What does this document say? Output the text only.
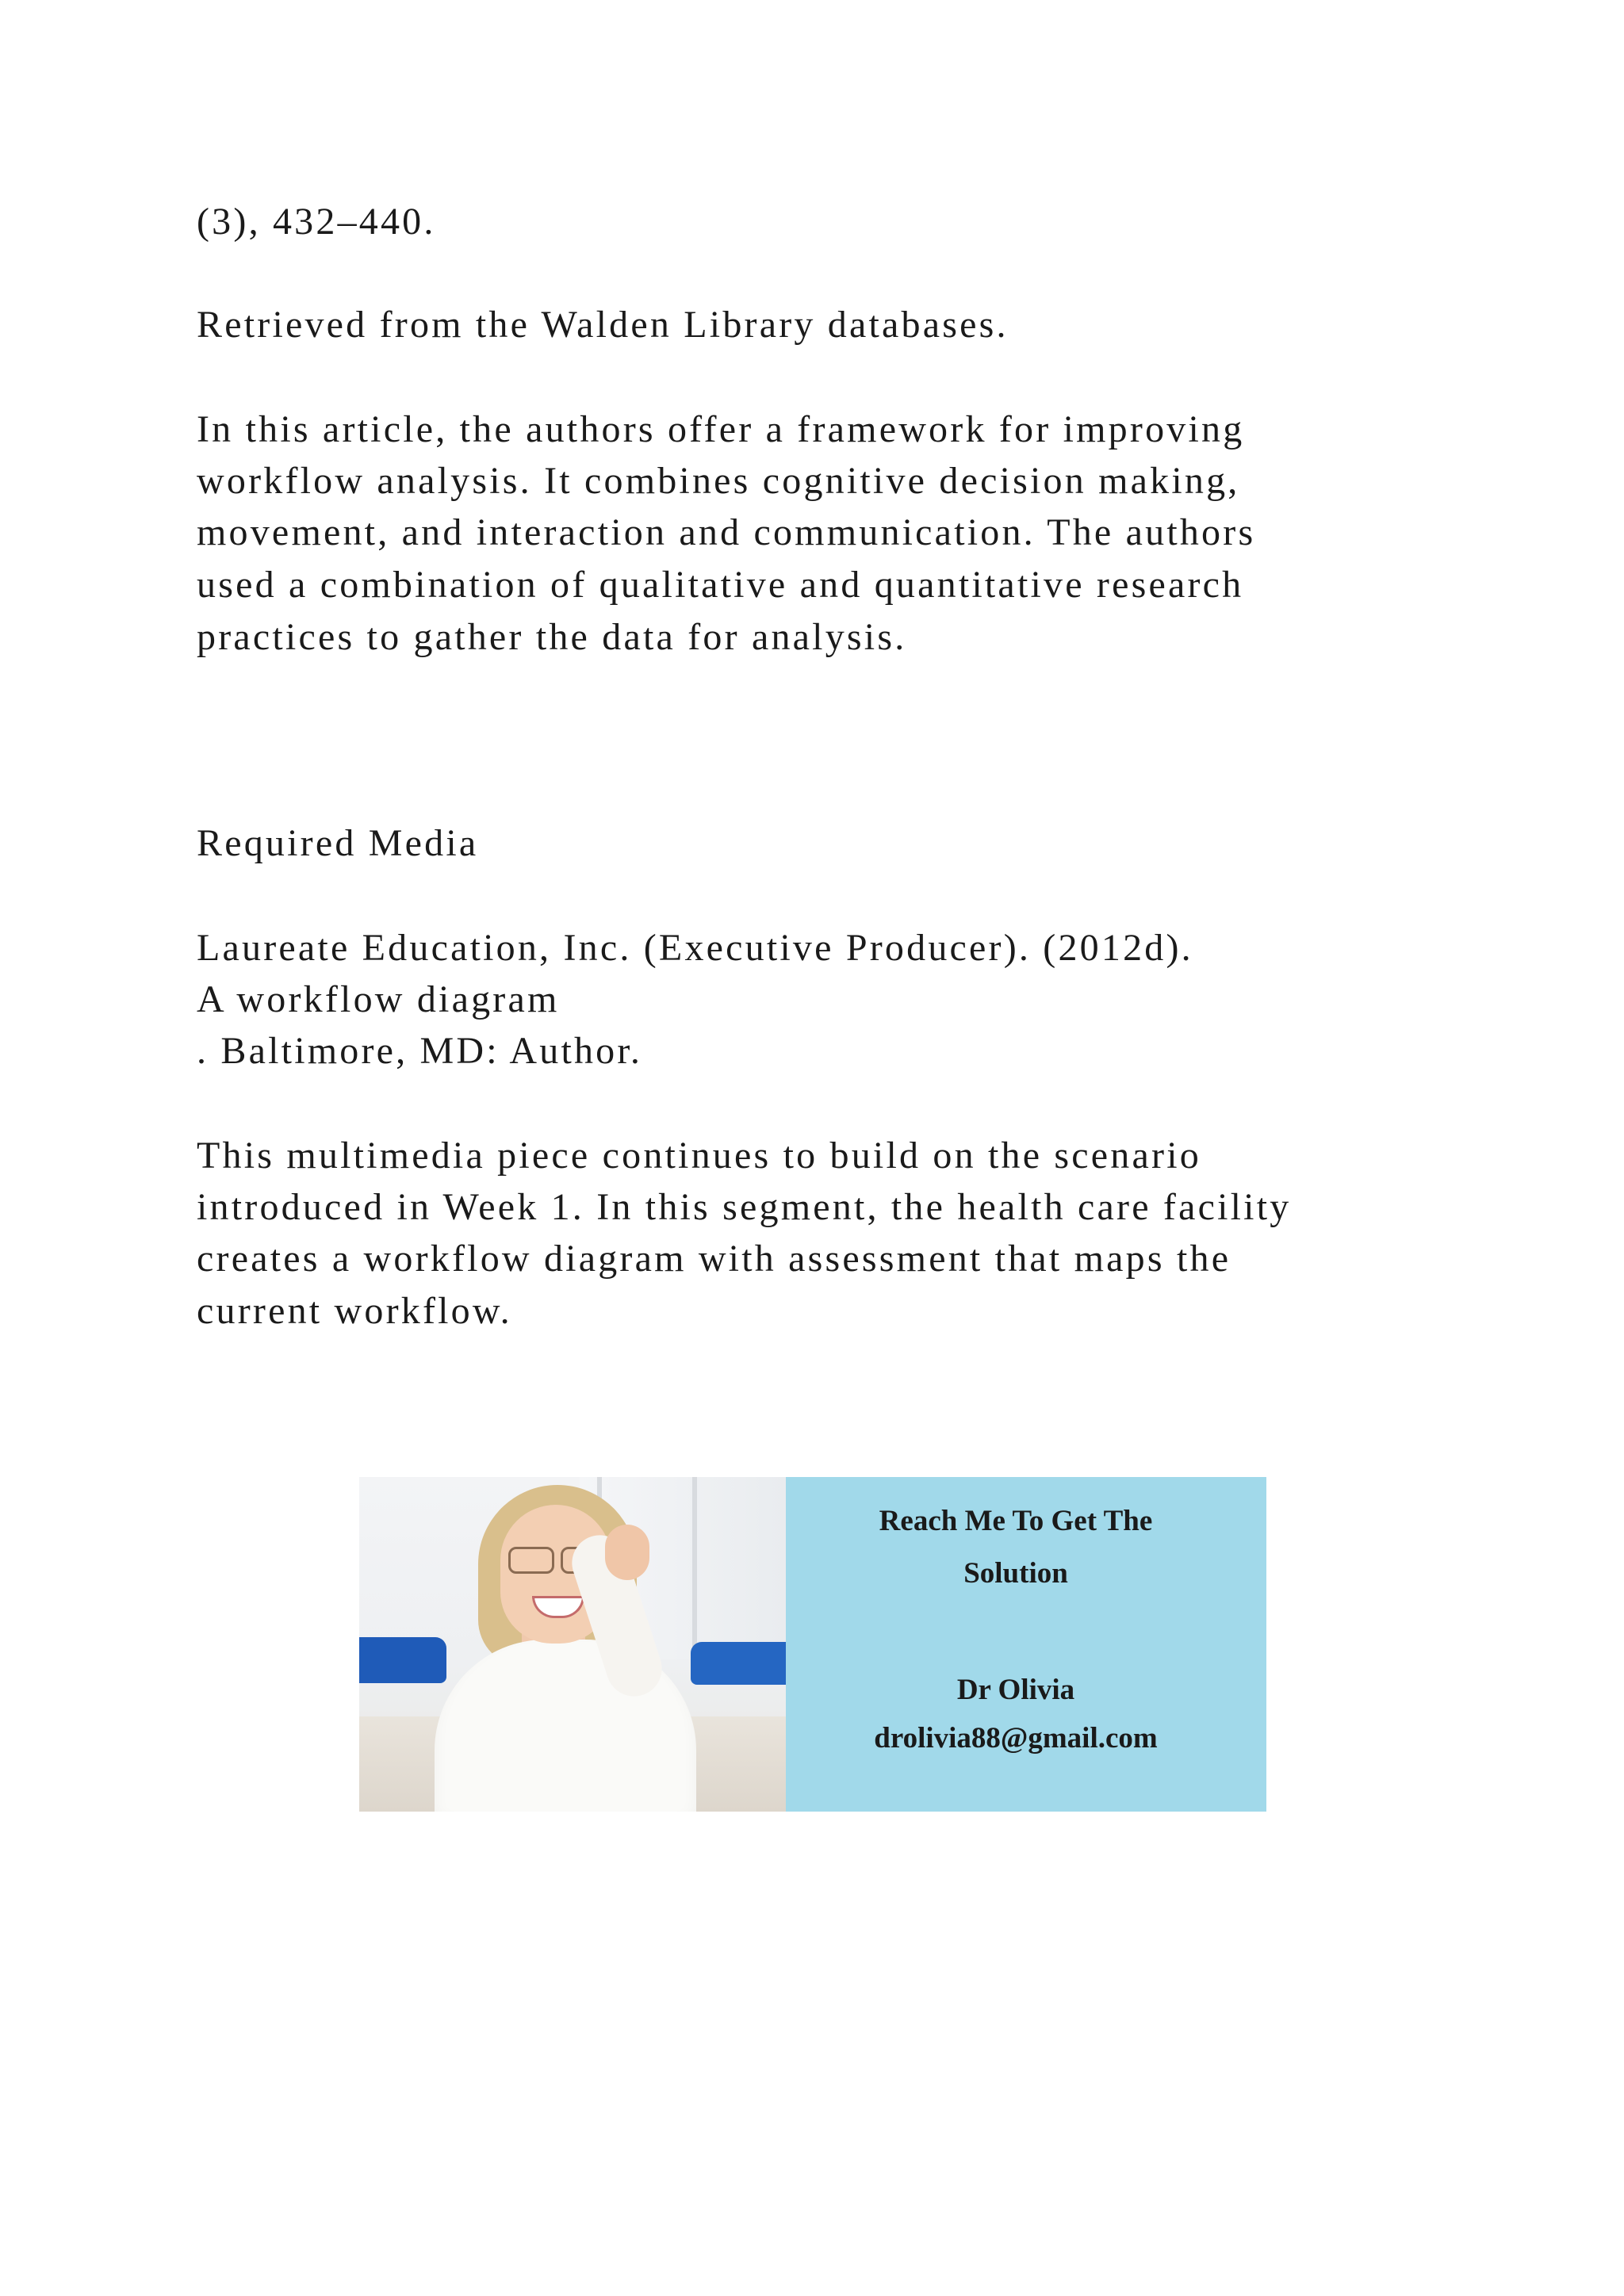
(3), 432–440.
Retrieved from the Walden Library databases.
In this article, the authors offer a framework for improving
workflow analysis. It combines cognitive decision making,
movement, and interaction and communication. The authors
used a combination of qualitative and quantitative research
practices to gather the data for analysis.
Required Media
Laureate Education, Inc. (Executive Producer). (2012d).
A workflow diagram
. Baltimore, MD: Author.
This multimedia piece continues to build on the scenario
introduced in Week 1. In this segment, the health care facility
creates a workflow diagram with assessment that maps the
current workflow.
Reach Me To Get The
Solution
Dr Olivia
drolivia88@gmail.com
